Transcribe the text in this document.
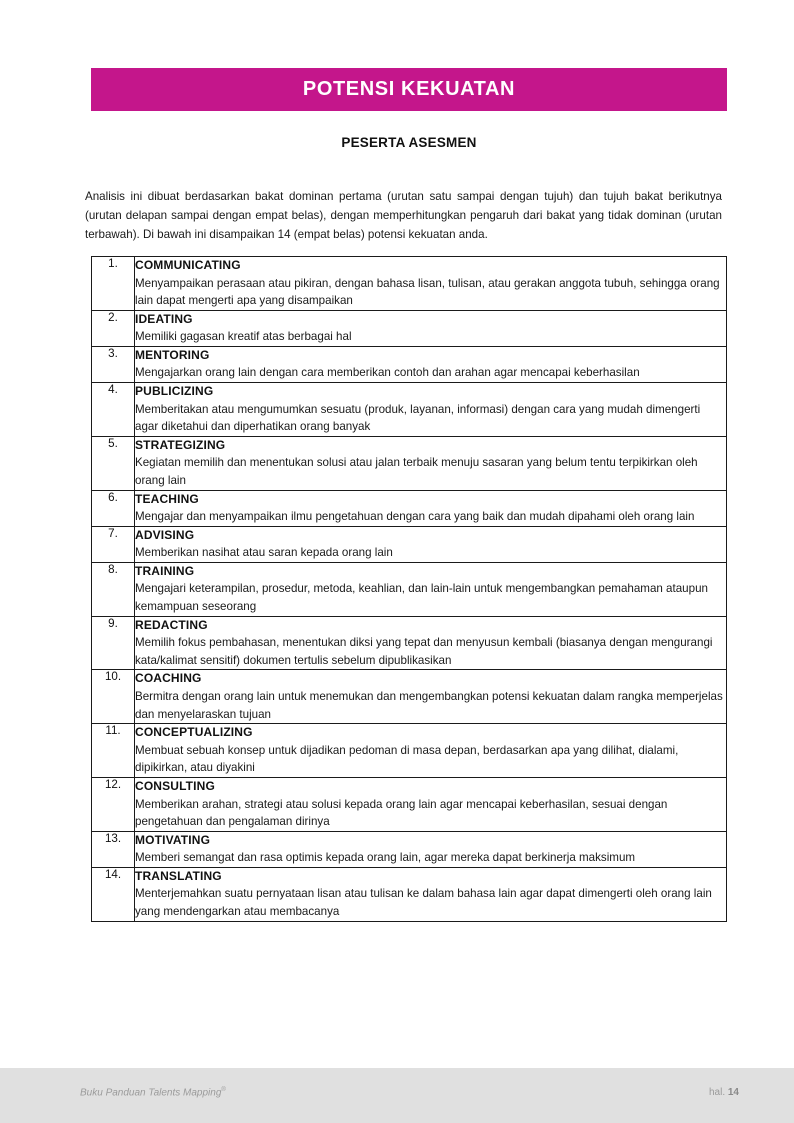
POTENSI KEKUATAN
PESERTA ASESMEN
Analisis ini dibuat berdasarkan bakat dominan pertama (urutan satu sampai dengan tujuh) dan tujuh bakat berikutnya (urutan delapan sampai dengan empat belas), dengan memperhitungkan pengaruh dari bakat yang tidak dominan (urutan terbawah). Di bawah ini disampaikan 14 (empat belas) potensi kekuatan anda.
1.	COMMUNICATING
Menyampaikan perasaan atau pikiran, dengan bahasa lisan, tulisan, atau gerakan anggota tubuh, sehingga orang lain dapat mengerti apa yang disampaikan

2.	IDEATING
Memiliki gagasan kreatif atas berbagai hal

3.	MENTORING
Mengajarkan orang lain dengan cara memberikan contoh dan arahan agar mencapai keberhasilan

4.	PUBLICIZING
Memberitakan atau mengumumkan sesuatu (produk, layanan, informasi) dengan cara yang mudah dimengerti agar diketahui dan diperhatikan orang banyak

5.	STRATEGIZING
Kegiatan memilih dan menentukan solusi atau jalan terbaik menuju sasaran yang belum tentu terpikirkan oleh orang lain

6.	TEACHING
Mengajar dan menyampaikan ilmu pengetahuan dengan cara yang baik dan mudah dipahami oleh orang lain

7.	ADVISING
Memberikan nasihat atau saran kepada orang lain

8.	TRAINING
Mengajari keterampilan, prosedur, metoda, keahlian, dan lain-lain untuk mengembangkan pemahaman ataupun kemampuan seseorang

9.	REDACTING
Memilih fokus pembahasan, menentukan diksi yang tepat dan menyusun kembali (biasanya dengan mengurangi kata/kalimat sensitif) dokumen tertulis sebelum dipublikasikan

10.	COACHING
Bermitra dengan orang lain untuk menemukan dan mengembangkan potensi kekuatan dalam rangka memperjelas dan menyelaraskan tujuan

11.	CONCEPTUALIZING
Membuat sebuah konsep untuk dijadikan pedoman di masa depan, berdasarkan apa yang dilihat, dialami, dipikirkan, atau diyakini

12.	CONSULTING
Memberikan arahan, strategi atau solusi kepada orang lain agar mencapai keberhasilan, sesuai dengan pengetahuan dan pengalaman dirinya

13.	MOTIVATING
Memberi semangat dan rasa optimis kepada orang lain, agar mereka dapat berkinerja maksimum

14.	TRANSLATING
Menterjemahkan suatu pernyataan lisan atau tulisan ke dalam bahasa lain agar dapat dimengerti oleh orang lain yang mendengarkan atau membacanya
Buku Panduan Talents Mapping®	hal. 14
